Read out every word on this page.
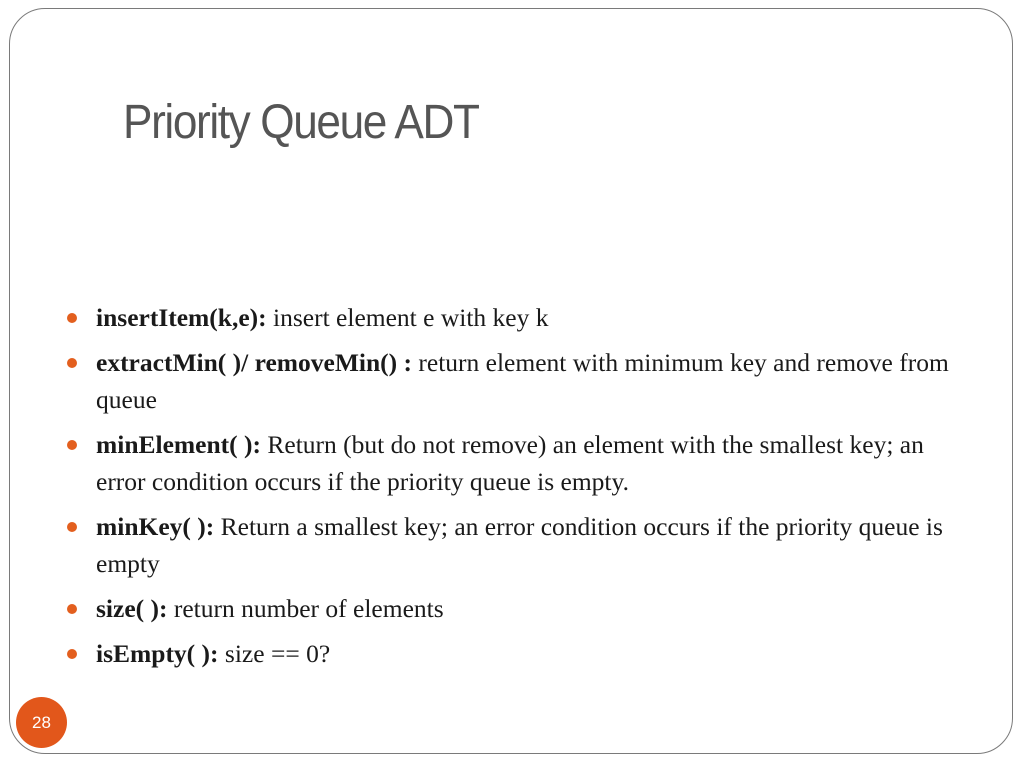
Priority Queue ADT
insertItem(k,e): insert element e with key k
extractMin( )/ removeMin() : return element with minimum key and remove from queue
minElement( ): Return (but do not remove) an element with the smallest key; an error condition occurs if the priority queue is empty.
minKey( ): Return a smallest key; an error condition occurs if the priority queue is empty
size( ): return number of elements
isEmpty( ): size == 0?
28
